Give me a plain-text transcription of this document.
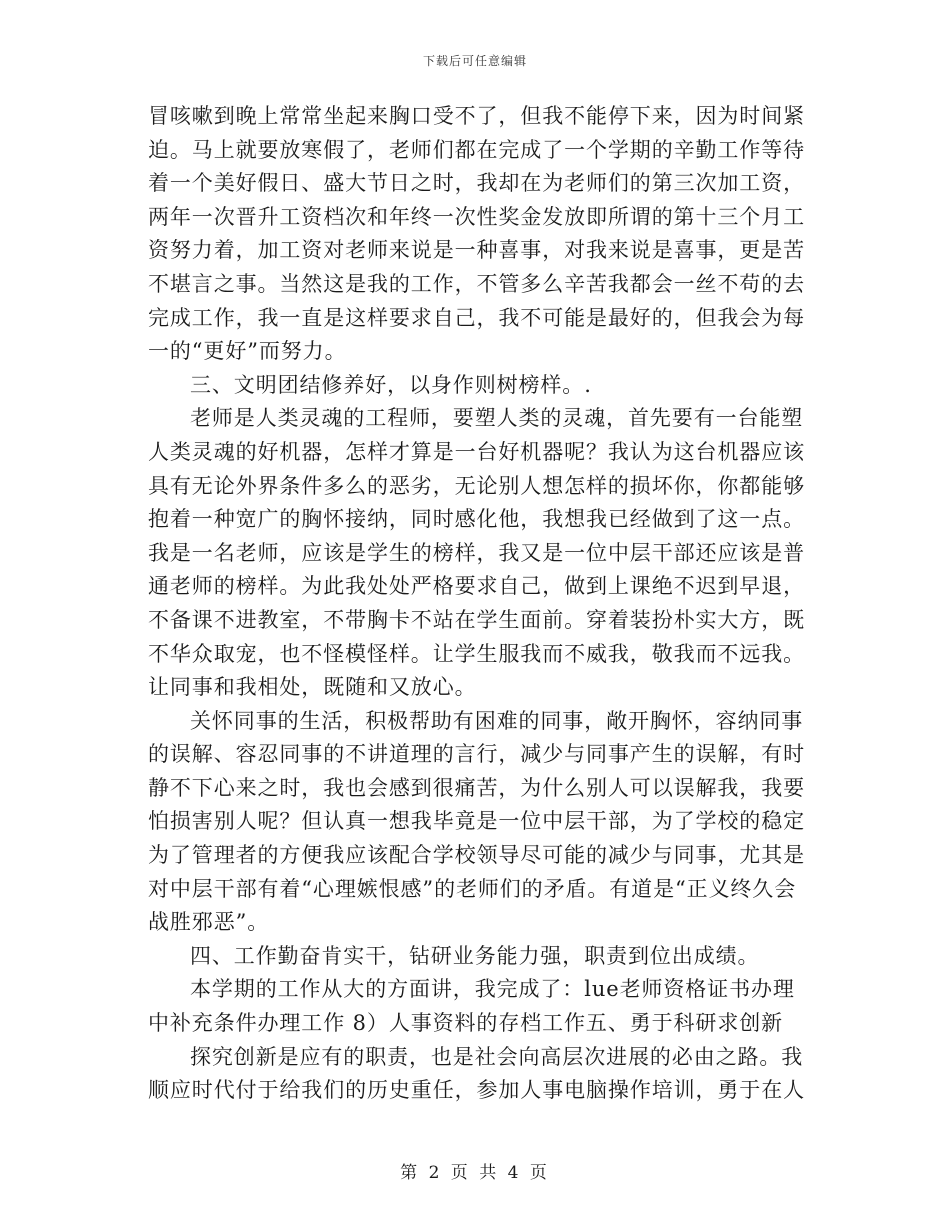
下载后可任意编辑

冒咳嗽到晚上常常坐起来胸口受不了，但我不能停下来，因为时间紧迫。马上就要放寒假了，老师们都在完成了一个学期的辛勤工作等待着一个美好假日、盛大节日之时，我却在为老师们的第三次加工资，两年一次晋升工资档次和年终一次性奖金发放即所谓的第十三个月工资努力着，加工资对老师来说是一种喜事，对我来说是喜事，更是苦不堪言之事。当然这是我的工作，不管多么辛苦我都会一丝不苟的去完成工作，我一直是这样要求自己，我不可能是最好的，但我会为每一的“更好”而努力。

三、文明团结修养好，以身作则树榜样。.

老师是人类灵魂的工程师，要塑人类的灵魂，首先要有一台能塑人类灵魂的好机器，怎样才算是一台好机器呢？我认为这台机器应该具有无论外界条件多么的恶劣，无论别人想怎样的损坏你，你都能够抱着一种宽广的胸怀接纳，同时感化他，我想我已经做到了这一点。我是一名老师，应该是学生的榜样，我又是一位中层干部还应该是普通老师的榜样。为此我处处严格要求自己，做到上课绝不迟到早退，不备课不进教室，不带胸卡不站在学生面前。穿着装扮朴实大方，既不华众取宠，也不怪模怪样。让学生服我而不威我，敬我而不远我。让同事和我相处，既随和又放心。

关怀同事的生活，积极帮助有困难的同事，敞开胸怀，容纳同事的误解、容忍同事的不讲道理的言行，减少与同事产生的误解，有时静不下心来之时，我也会感到很痛苦，为什么别人可以误解我，我要怕损害别人呢？但认真一想我毕竟是一位中层干部，为了学校的稳定为了管理者的方便我应该配合学校领导尽可能的减少与同事，尤其是对中层干部有着“心理嫉恨感”的老师们的矛盾。有道是“正义终久会战胜邪恶”。

四、工作勤奋肯实干，钻研业务能力强，职责到位出成绩。

本学期的工作从大的方面讲，我完成了：lue老师资格证书办理中补充条件办理工作 8）人事资料的存档工作五、勇于科研求创新

探究创新是应有的职责，也是社会向高层次进展的必由之路。我顺应时代付于给我们的历史重任，参加人事电脑操作培训，勇于在人

第 2 页 共 4 页
